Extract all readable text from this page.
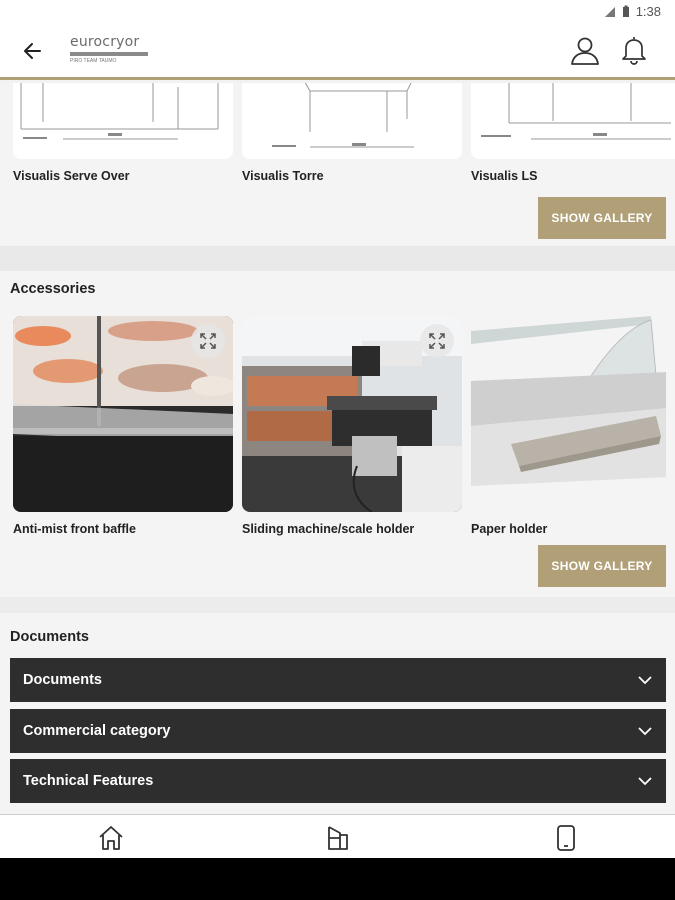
1:38
eurocryor
PIRO TEAM TAUMO
Visualis Serve Over	Visualis Torre	Visualis LS
SHOW GALLERY
Accessories
Anti-mist front baffle	Sliding machine/scale holder	Paper holder
SHOW GALLERY
Documents
Documents
Commercial category
Technical Features
